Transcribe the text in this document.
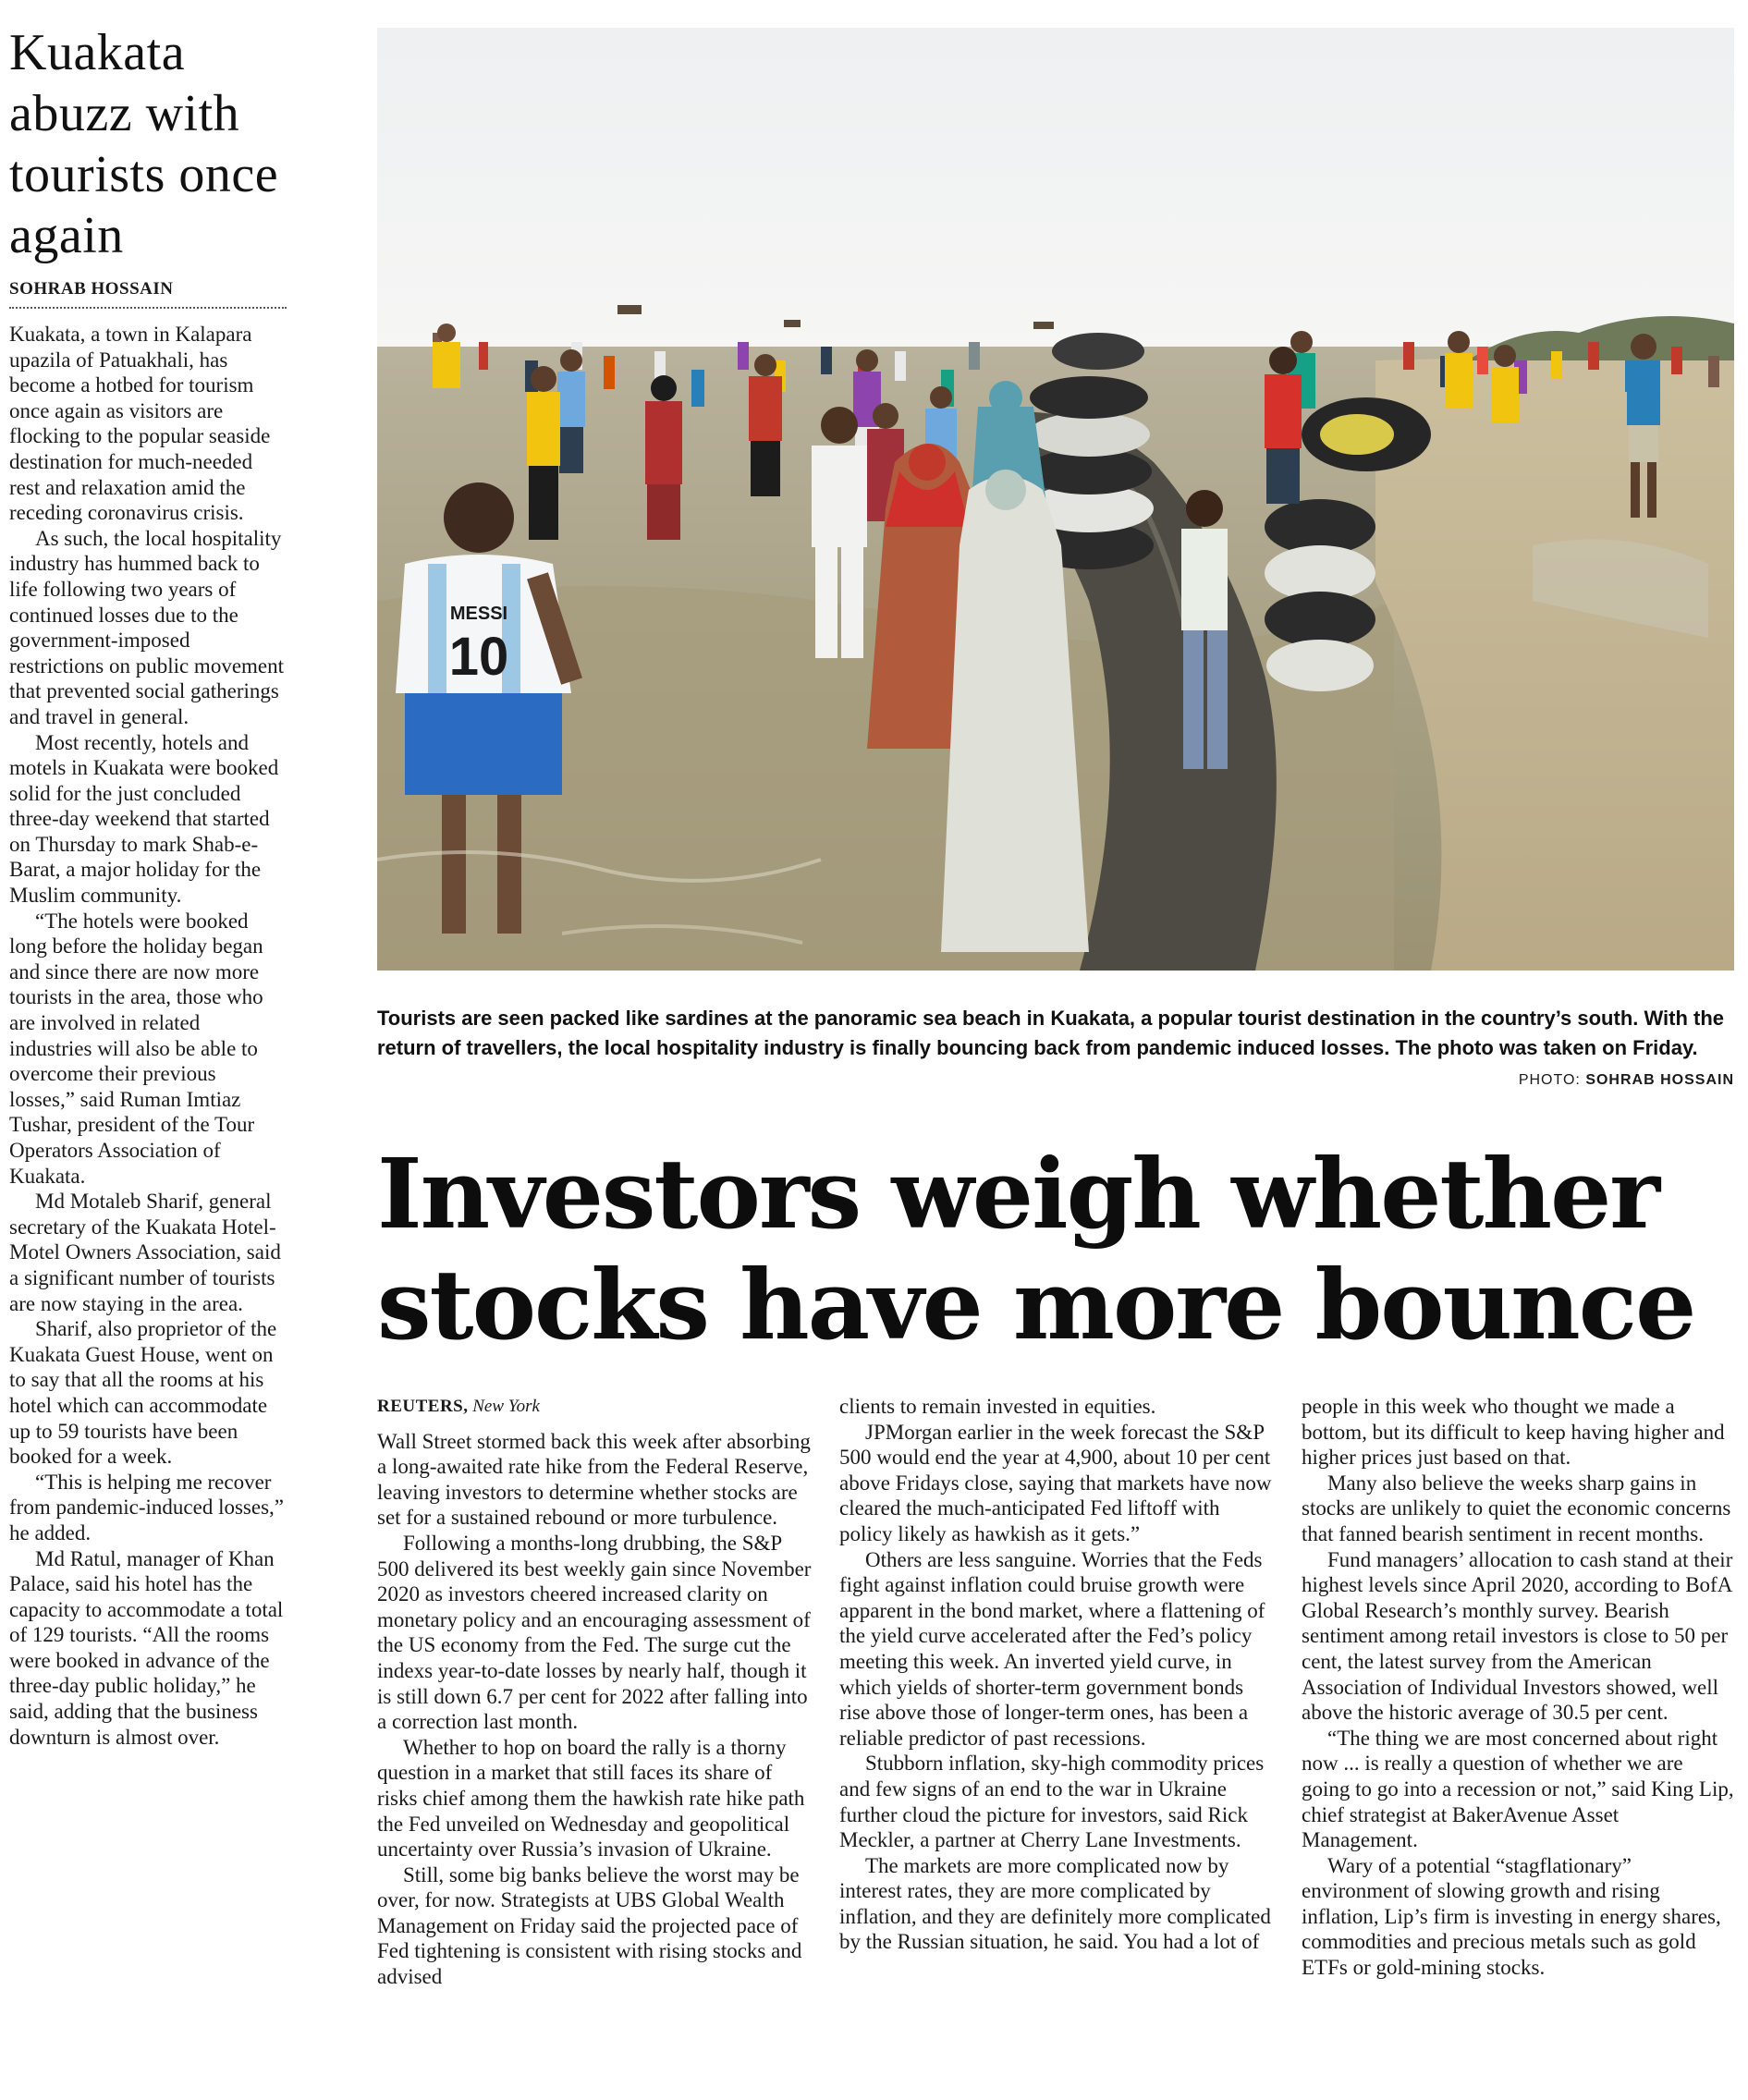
Kuakata abuzz with tourists once again
SOHRAB HOSSAIN

Kuakata, a town in Kalapara upazila of Patuakhali, has become a hotbed for tourism once again as visitors are flocking to the popular seaside destination for much-needed rest and relaxation amid the receding coronavirus crisis.

As such, the local hospitality industry has hummed back to life following two years of continued losses due to the government-imposed restrictions on public movement that prevented social gatherings and travel in general.

Most recently, hotels and motels in Kuakata were booked solid for the just concluded three-day weekend that started on Thursday to mark Shab-e-Barat, a major holiday for the Muslim community.

“The hotels were booked long before the holiday began and since there are now more tourists in the area, those who are involved in related industries will also be able to overcome their previous losses,” said Ruman Imtiaz Tushar, president of the Tour Operators Association of Kuakata.

Md Motaleb Sharif, general secretary of the Kuakata Hotel-Motel Owners Association, said a significant number of tourists are now staying in the area.

Sharif, also proprietor of the Kuakata Guest House, went on to say that all the rooms at his hotel which can accommodate up to 59 tourists have been booked for a week.

“This is helping me recover from pandemic-induced losses,” he added.

Md Ratul, manager of Khan Palace, said his hotel has the capacity to accommodate a total of 129 tourists. “All the rooms were booked in advance of the three-day public holiday,” he said, adding that the business downturn is almost over.

MESSI
10
Tourists are seen packed like sardines at the panoramic sea beach in Kuakata, a popular tourist destination in the country’s south. With the return of travellers, the local hospitality industry is finally bouncing back from pandemic induced losses. The photo was taken on Friday.
PHOTO: SOHRAB HOSSAIN
Investors weigh whether stocks have more bounce
REUTERS, New York

Wall Street stormed back this week after absorbing a long-awaited rate hike from the Federal Reserve, leaving investors to determine whether stocks are set for a sustained rebound or more turbulence.

Following a months-long drubbing, the S&P 500 delivered its best weekly gain since November 2020 as investors cheered increased clarity on monetary policy and an encouraging assessment of the US economy from the Fed. The surge cut the indexs year-to-date losses by nearly half, though it is still down 6.7 per cent for 2022 after falling into a correction last month.

Whether to hop on board the rally is a thorny question in a market that still faces its share of risks chief among them the hawkish rate hike path the Fed unveiled on Wednesday and geopolitical uncertainty over Russia’s invasion of Ukraine.

Still, some big banks believe the worst may be over, for now. Strategists at UBS Global Wealth Management on Friday said the projected pace of Fed tightening is consistent with rising stocks and advised

clients to remain invested in equities.

JPMorgan earlier in the week forecast the S&P 500 would end the year at 4,900, about 10 per cent above Fridays close, saying that markets have now cleared the much-anticipated Fed liftoff with policy likely as hawkish as it gets.”

Others are less sanguine. Worries that the Feds fight against inflation could bruise growth were apparent in the bond market, where a flattening of the yield curve accelerated after the Fed’s policy meeting this week. An inverted yield curve, in which yields of shorter-term government bonds rise above those of longer-term ones, has been a reliable predictor of past recessions.

Stubborn inflation, sky-high commodity prices and few signs of an end to the war in Ukraine further cloud the picture for investors, said Rick Meckler, a partner at Cherry Lane Investments.

The markets are more complicated now by interest rates, they are more complicated by inflation, and they are definitely more complicated by the Russian situation, he said. You had a lot of

people in this week who thought we made a bottom, but its difficult to keep having higher and higher prices just based on that.

Many also believe the weeks sharp gains in stocks are unlikely to quiet the economic concerns that fanned bearish sentiment in recent months.

Fund managers’ allocation to cash stand at their highest levels since April 2020, according to BofA Global Research’s monthly survey. Bearish sentiment among retail investors is close to 50 per cent, the latest survey from the American Association of Individual Investors showed, well above the historic average of 30.5 per cent.

“The thing we are most concerned about right now ... is really a question of whether we are going to go into a recession or not,” said King Lip, chief strategist at BakerAvenue Asset Management.

Wary of a potential “stagflationary” environment of slowing growth and rising inflation, Lip’s firm is investing in energy shares, commodities and precious metals such as gold ETFs or gold-mining stocks.
